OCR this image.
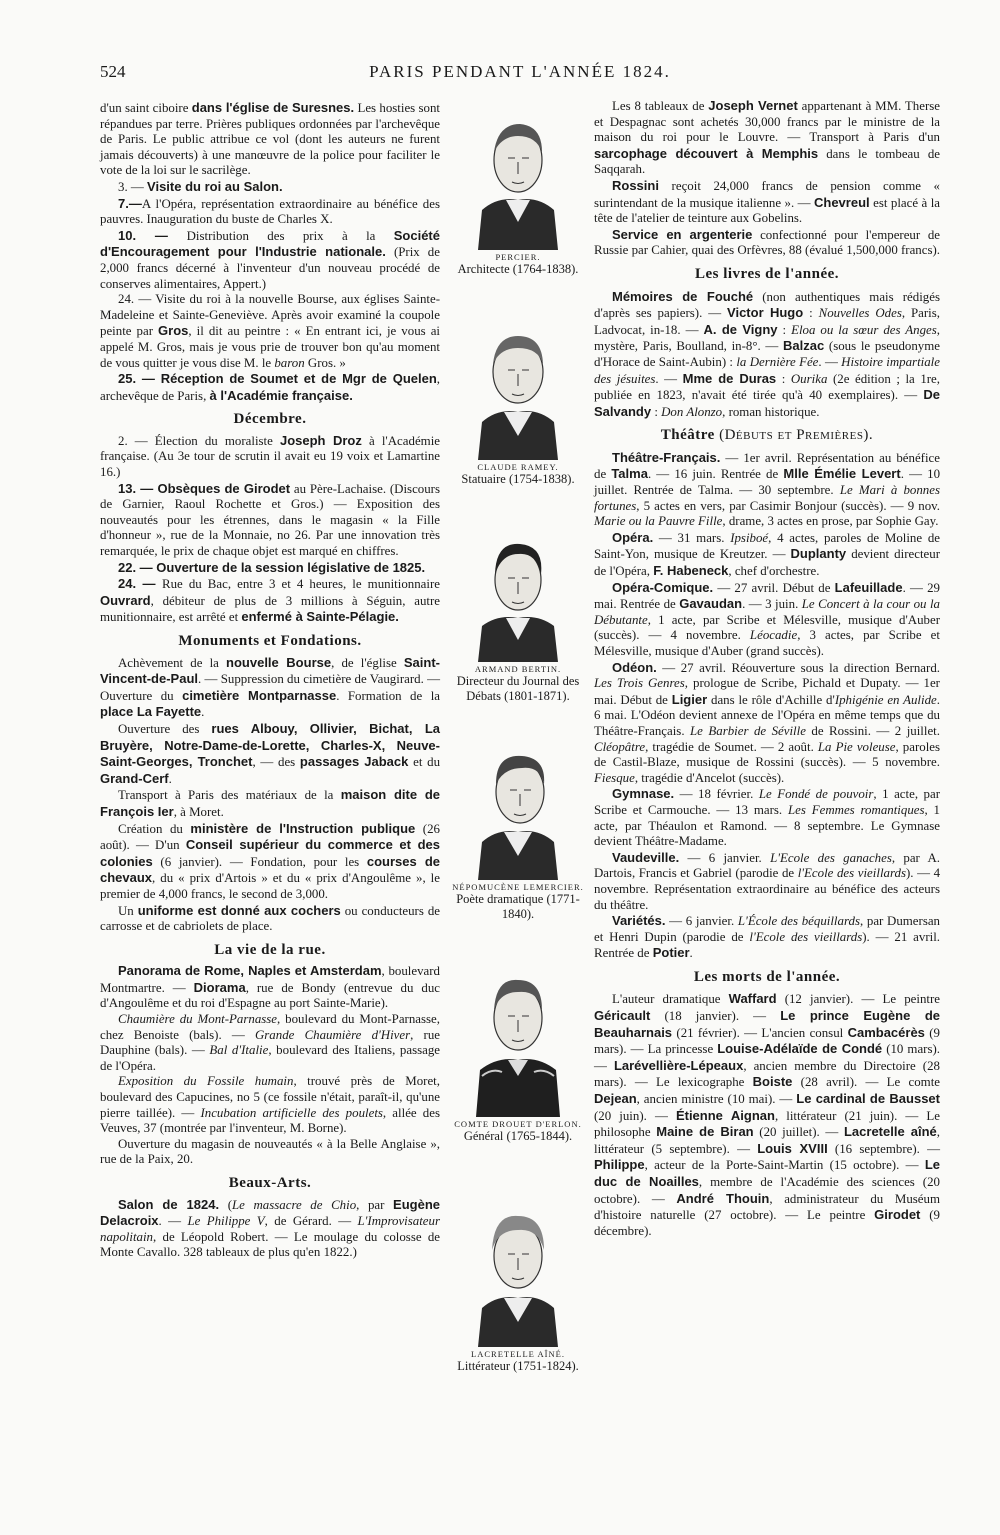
524	PARIS PENDANT L'ANNÉE 1824.

d'un saint ciboire dans l'église de Suresnes. Les hosties sont répandues par terre. Prières publiques ordonnées par l'archevêque de Paris. Le public attribue ce vol (dont les auteurs ne furent jamais découverts) à une manœuvre de la police pour faciliter le vote de la loi sur le sacrilège.

3. — Visite du roi au Salon.

7.—A l'Opéra, représentation extraordinaire au bénéfice des pauvres. Inauguration du buste de Charles X.

10. — Distribution des prix à la Société d'Encouragement pour l'Industrie nationale. (Prix de 2,000 francs décerné à l'inventeur d'un nouveau procédé de conserves alimentaires, Appert.)

24. — Visite du roi à la nouvelle Bourse, aux églises Sainte-Madeleine et Sainte-Geneviève. Après avoir examiné la coupole peinte par Gros, il dit au peintre : « En entrant ici, je vous ai appelé M. Gros, mais je vous prie de trouver bon qu'au moment de vous quitter je vous dise M. le baron Gros. »

25. — Réception de Soumet et de Mgr de Quelen, archevêque de Paris, à l'Académie française.

Décembre.

2. — Élection du moraliste Joseph Droz à l'Académie française. (Au 3e tour de scrutin il avait eu 19 voix et Lamartine 16.)

13. — Obsèques de Girodet au Père-Lachaise. (Discours de Garnier, Raoul Rochette et Gros.) — Exposition des nouveautés pour les étrennes, dans le magasin « la Fille d'honneur », rue de la Monnaie, no 26. Par une innovation très remarquée, le prix de chaque objet est marqué en chiffres.

22. — Ouverture de la session législative de 1825.

24. — Rue du Bac, entre 3 et 4 heures, le munitionnaire Ouvrard, débiteur de plus de 3 millions à Séguin, autre munitionnaire, est arrêté et enfermé à Sainte-Pélagie.

Monuments et Fondations.

Achèvement de la nouvelle Bourse, de l'église Saint-Vincent-de-Paul. — Suppression du cimetière de Vaugirard. — Ouverture du cimetière Montparnasse. Formation de la place La Fayette.

Ouverture des rues Albouy, Ollivier, Bichat, La Bruyère, Notre-Dame-de-Lorette, Charles-X, Neuve-Saint-Georges, Tronchet, — des passages Jaback et du Grand-Cerf.

Transport à Paris des matériaux de la maison dite de François Ier, à Moret.

Création du ministère de l'Instruction publique (26 août). — D'un Conseil supérieur du commerce et des colonies (6 janvier). — Fondation, pour les courses de chevaux, du « prix d'Artois » et du « prix d'Angoulême », le premier de 4,000 francs, le second de 3,000.

Un uniforme est donné aux cochers ou conducteurs de carrosse et de cabriolets de place.

La vie de la rue.

Panorama de Rome, Naples et Amsterdam, boulevard Montmartre. — Diorama, rue de Bondy (entrevue du duc d'Angoulême et du roi d'Espagne au port Sainte-Marie).

Chaumière du Mont-Parnasse, boulevard du Mont-Parnasse, chez Benoiste (bals). — Grande Chaumière d'Hiver, rue Dauphine (bals). — Bal d'Italie, boulevard des Italiens, passage de l'Opéra.

Exposition du Fossile humain, trouvé près de Moret, boulevard des Capucines, no 5 (ce fossile n'était, paraît-il, qu'une pierre taillée). — Incubation artificielle des poulets, allée des Veuves, 37 (montrée par l'inventeur, M. Borne).

Ouverture du magasin de nouveautés « à la Belle Anglaise », rue de la Paix, 20.

Beaux-Arts.

Salon de 1824. (Le massacre de Chio, par Eugène Delacroix. — Le Philippe V, de Gérard. — L'Improvisateur napolitain, de Léopold Robert. — Le moulage du colosse de Monte Cavallo. 328 tableaux de plus qu'en 1822.)

PERCIER.
Architecte (1764-1838).
CLAUDE RAMEY.
Statuaire (1754-1838).
ARMAND BERTIN.
Directeur du Journal des Débats (1801-1871).
NÉPOMUCÈNE LEMERCIER.
Poète dramatique (1771-1840).
COMTE DROUET D'ERLON.
Général (1765-1844).
LACRETELLE AÎNÉ.
Littérateur (1751-1824).

Les 8 tableaux de Joseph Vernet appartenant à MM. Therse et Despagnac sont achetés 30,000 francs par le ministre de la maison du roi pour le Louvre. — Transport à Paris d'un sarcophage découvert à Memphis dans le tombeau de Saqqarah.

Rossini reçoit 24,000 francs de pension comme « surintendant de la musique italienne ». — Chevreul est placé à la tête de l'atelier de teinture aux Gobelins.

Service en argenterie confectionné pour l'empereur de Russie par Cahier, quai des Orfèvres, 88 (évalué 1,500,000 francs).

Les livres de l'année.

Mémoires de Fouché (non authentiques mais rédigés d'après ses papiers). — Victor Hugo : Nouvelles Odes, Paris, Ladvocat, in-18. — A. de Vigny : Eloa ou la sœur des Anges, mystère, Paris, Boulland, in-8°. — Balzac (sous le pseudonyme d'Horace de Saint-Aubin) : la Dernière Fée. — Histoire impartiale des jésuites. — Mme de Duras : Ourika (2e édition ; la 1re, publiée en 1823, n'avait été tirée qu'à 40 exemplaires). — De Salvandy : Don Alonzo, roman historique.

Théâtre (Débuts et Premières).

Théâtre-Français. — 1er avril. Représentation au bénéfice de Talma. — 16 juin. Rentrée de Mlle Émélie Levert. — 10 juillet. Rentrée de Talma. — 30 septembre. Le Mari à bonnes fortunes, 5 actes en vers, par Casimir Bonjour (succès). — 9 nov. Marie ou la Pauvre Fille, drame, 3 actes en prose, par Sophie Gay.

Opéra. — 31 mars. Ipsiboé, 4 actes, paroles de Moline de Saint-Yon, musique de Kreutzer. — Duplanty devient directeur de l'Opéra, F. Habeneck, chef d'orchestre.

Opéra-Comique. — 27 avril. Début de Lafeuillade. — 29 mai. Rentrée de Gavaudan. — 3 juin. Le Concert à la cour ou la Débutante, 1 acte, par Scribe et Mélesville, musique d'Auber (succès). — 4 novembre. Léocadie, 3 actes, par Scribe et Mélesville, musique d'Auber (grand succès).

Odéon. — 27 avril. Réouverture sous la direction Bernard. Les Trois Genres, prologue de Scribe, Pichald et Dupaty. — 1er mai. Début de Ligier dans le rôle d'Achille d'Iphigénie en Aulide. 6 mai. L'Odéon devient annexe de l'Opéra en même temps que du Théâtre-Français. Le Barbier de Séville de Rossini. — 2 juillet. Cléopâtre, tragédie de Soumet. — 2 août. La Pie voleuse, paroles de Castil-Blaze, musique de Rossini (succès). — 5 novembre. Fiesque, tragédie d'Ancelot (succès).

Gymnase. — 18 février. Le Fondé de pouvoir, 1 acte, par Scribe et Carmouche. — 13 mars. Les Femmes romantiques, 1 acte, par Théaulon et Ramond. — 8 septembre. Le Gymnase devient Théâtre-Madame.

Vaudeville. — 6 janvier. L'Ecole des ganaches, par A. Dartois, Francis et Gabriel (parodie de l'Ecole des vieillards). — 4 novembre. Représentation extraordinaire au bénéfice des acteurs du théâtre.

Variétés. — 6 janvier. L'École des béquillards, par Dumersan et Henri Dupin (parodie de l'Ecole des vieillards). — 21 avril. Rentrée de Potier.

Les morts de l'année.

L'auteur dramatique Waffard (12 janvier). — Le peintre Géricault (18 janvier). — Le prince Eugène de Beauharnais (21 février). — L'ancien consul Cambacérès (9 mars). — La princesse Louise-Adélaïde de Condé (10 mars). — Larévellière-Lépeaux, ancien membre du Directoire (28 mars). — Le lexicographe Boiste (28 avril). — Le comte Dejean, ancien ministre (10 mai). — Le cardinal de Bausset (20 juin). — Étienne Aignan, littérateur (21 juin). — Le philosophe Maine de Biran (20 juillet). — Lacretelle aîné, littérateur (5 septembre). — Louis XVIII (16 septembre). — Philippe, acteur de la Porte-Saint-Martin (15 octobre). — Le duc de Noailles, membre de l'Académie des sciences (20 octobre). — André Thouin, administrateur du Muséum d'histoire naturelle (27 octobre). — Le peintre Girodet (9 décembre).
